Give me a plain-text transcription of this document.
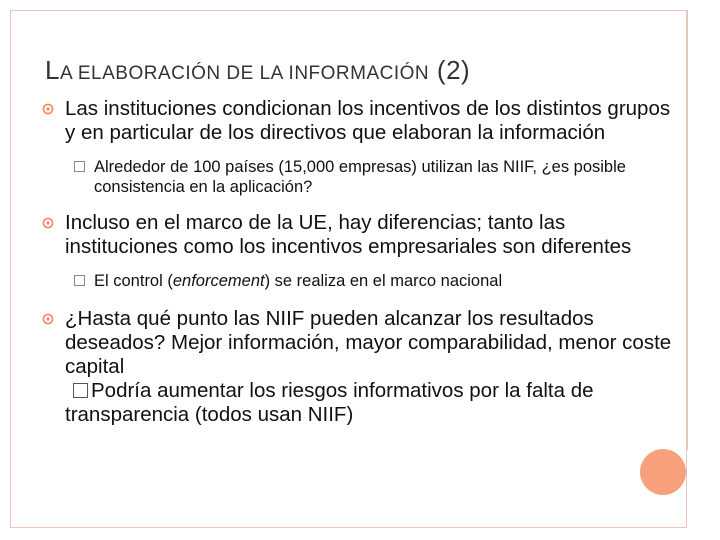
LA ELABORACIÓN DE LA INFORMACIÓN (2)
Las instituciones condicionan los incentivos de los distintos grupos y en particular de los directivos que elaboran la información
Alrededor de 100 países (15,000 empresas) utilizan las NIIF, ¿es posible consistencia en la aplicación?
Incluso en el marco de la UE, hay diferencias; tanto las instituciones como los incentivos empresariales son diferentes
El control (enforcement) se realiza en el marco nacional
¿Hasta qué punto las NIIF pueden alcanzar los resultados deseados? Mejor información, mayor comparabilidad, menor coste capital
Podría aumentar los riesgos informativos por la falta de transparencia (todos usan NIIF)
